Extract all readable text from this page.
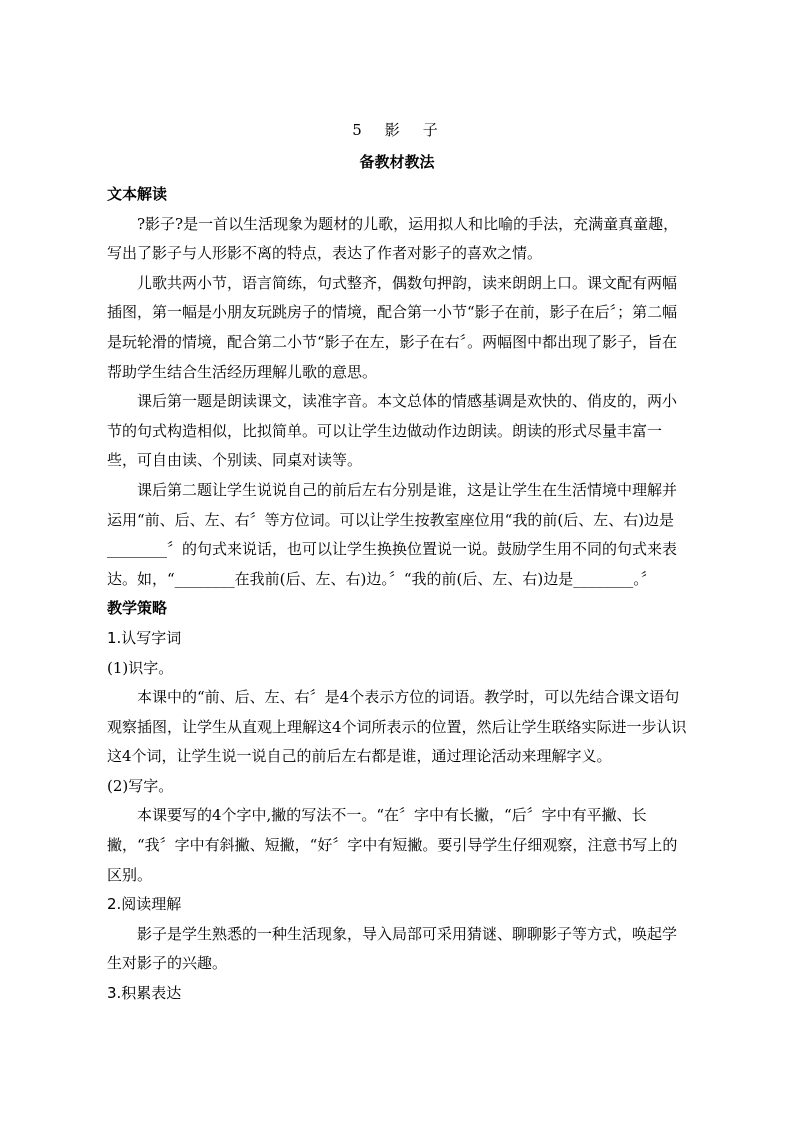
5　影　子
备教材教法

文本解读

?影子?是一首以生活现象为题材的儿歌，运用拟人和比喻的手法，充满童真童趣，写出了影子与人形影不离的特点，表达了作者对影子的喜欢之情。

儿歌共两小节，语言简练，句式整齐，偶数句押韵，读来朗朗上口。课文配有两幅插图，第一幅是小朋友玩跳房子的情境，配合第一小节“影子在前，影子在后〞；第二幅是玩轮滑的情境，配合第二小节“影子在左，影子在右〞。两幅图中都出现了影子，旨在帮助学生结合生活经历理解儿歌的意思。

课后第一题是朗读课文，读准字音。本文总体的情感基调是欢快的、俏皮的，两小节的句式构造相似，比拟简单。可以让学生边做动作边朗读。朗读的形式尽量丰富一些，可自由读、个别读、同桌对读等。

课后第二题让学生说说自己的前后左右分别是谁，这是让学生在生活情境中理解并运用“前、后、左、右〞等方位词。可以让学生按教室座位用“我的前(后、左、右)边是________〞的句式来说话，也可以让学生换换位置说一说。鼓励学生用不同的句式来表达。如，“________在我前(后、左、右)边。〞“我的前(后、左、右)边是________。〞

教学策略

1.认写字词

(1)识字。

本课中的“前、后、左、右〞是4个表示方位的词语。教学时，可以先结合课文语句观察插图，让学生从直观上理解这4个词所表示的位置，然后让学生联络实际进一步认识这4个词，让学生说一说自己的前后左右都是谁，通过理论活动来理解字义。

(2)写字。

本课要写的4个字中,撇的写法不一。“在〞字中有长撇，“后〞字中有平撇、长撇，“我〞字中有斜撇、短撇，“好〞字中有短撇。要引导学生仔细观察，注意书写上的区别。

2.阅读理解

影子是学生熟悉的一种生活现象，导入局部可采用猜谜、聊聊影子等方式，唤起学生对影子的兴趣。

3.积累表达
